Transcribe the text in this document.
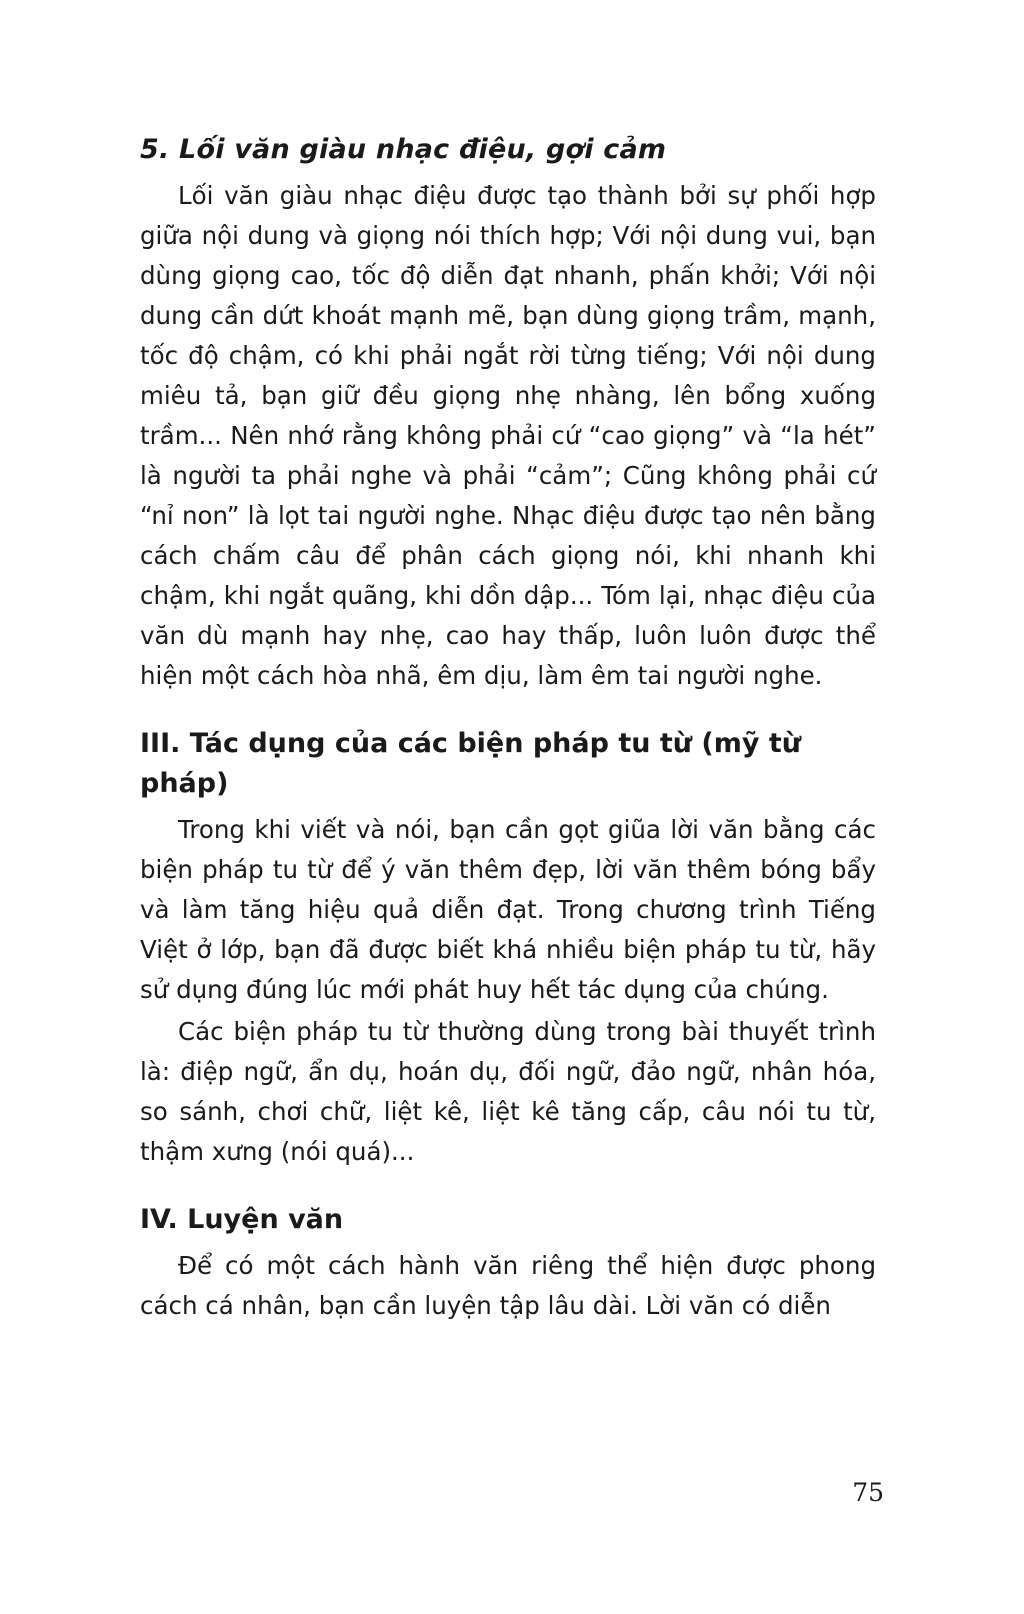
5. Lối văn giàu nhạc điệu, gợi cảm

Lối văn giàu nhạc điệu được tạo thành bởi sự phối hợp giữa nội dung và giọng nói thích hợp; Với nội dung vui, bạn dùng giọng cao, tốc độ diễn đạt nhanh, phấn khởi; Với nội dung cần dứt khoát mạnh mẽ, bạn dùng giọng trầm, mạnh, tốc độ chậm, có khi phải ngắt rời từng tiếng; Với nội dung miêu tả, bạn giữ đều giọng nhẹ nhàng, lên bổng xuống trầm... Nên nhớ rằng không phải cứ “cao giọng” và “la hét” là người ta phải nghe và phải “cảm”; Cũng không phải cứ “nỉ non” là lọt tai người nghe. Nhạc điệu được tạo nên bằng cách chấm câu để phân cách giọng nói, khi nhanh khi chậm, khi ngắt quãng, khi dồn dập... Tóm lại, nhạc điệu của văn dù mạnh hay nhẹ, cao hay thấp, luôn luôn được thể hiện một cách hòa nhã, êm dịu, làm êm tai người nghe.

III. Tác dụng của các biện pháp tu từ (mỹ từ pháp)

Trong khi viết và nói, bạn cần gọt giũa lời văn bằng các biện pháp tu từ để ý văn thêm đẹp, lời văn thêm bóng bẩy và làm tăng hiệu quả diễn đạt. Trong chương trình Tiếng Việt ở lớp, bạn đã được biết khá nhiều biện pháp tu từ, hãy sử dụng đúng lúc mới phát huy hết tác dụng của chúng.

Các biện pháp tu từ thường dùng trong bài thuyết trình là: điệp ngữ, ẩn dụ, hoán dụ, đối ngữ, đảo ngữ, nhân hóa, so sánh, chơi chữ, liệt kê, liệt kê tăng cấp, câu nói tu từ, thậm xưng (nói quá)...

IV. Luyện văn

Để có một cách hành văn riêng thể hiện được phong cách cá nhân, bạn cần luyện tập lâu dài. Lời văn có diễn

75
